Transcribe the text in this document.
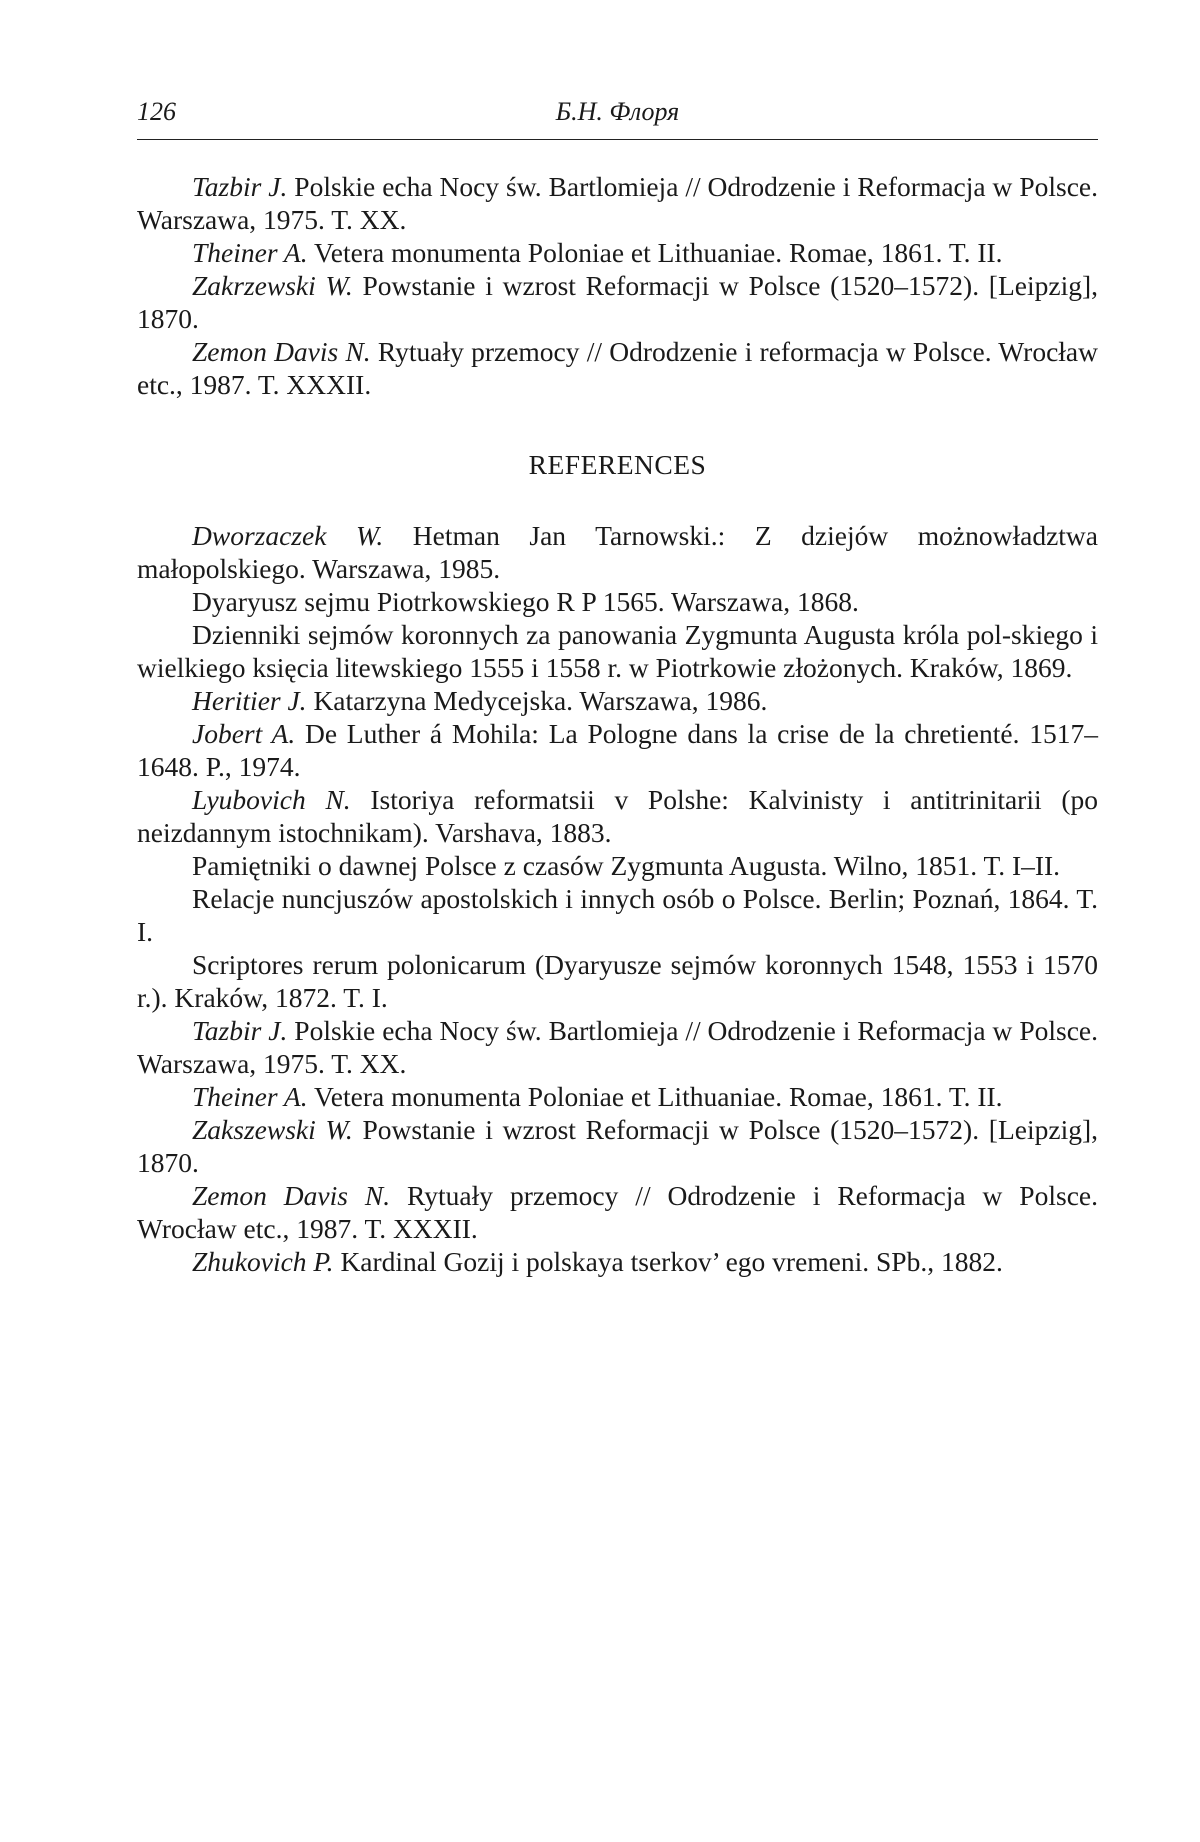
126	Б.Н. Флоря

Tazbir J. Polskie echa Nocy św. Bartlomieja // Odrodzenie i Reformacja w Polsce. Warszawa, 1975. T. XX.

Theiner A. Vetera monumenta Poloniae et Lithuaniae. Romae, 1861. T. II.

Zakrzewski W. Powstanie i wzrost Reformacji w Polsce (1520–1572). [Leipzig], 1870.

Zemon Davis N. Rytuały przemocy // Odrodzenie i reformacja w Polsce. Wrocław etc., 1987. T. XXXII.

REFERENCES

Dworzaczek W. Hetman Jan Tarnowski.: Z dziejów możnowładztwa małopolskiego. Warszawa, 1985.

Dyaryusz sejmu Piotrkowskiego R P 1565. Warszawa, 1868.

Dzienniki sejmów koronnych za panowania Zygmunta Augusta króla pol-skiego i wielkiego księcia litewskiego 1555 i 1558 r. w Piotrkowie złożonych. Kraków, 1869.

Heritier J. Katarzyna Medycejska. Warszawa, 1986.

Jobert A. De Luther á Mohila: La Pologne dans la crise de la chretienté. 1517–1648. P., 1974.

Lyubovich N. Istoriya reformatsii v Polshe: Kalvinisty i antitrinitarii (po neizdannym istochnikam). Varshava, 1883.

Pamiętniki o dawnej Polsce z czasów Zygmunta Augusta. Wilno, 1851. T. I–II.

Relacje nuncjuszów apostolskich i innych osób o Polsce. Berlin; Poznań, 1864. T. I.

Scriptores rerum polonicarum (Dyaryusze sejmów koronnych 1548, 1553 i 1570 r.). Kraków, 1872. T. I.

Tazbir J. Polskie echa Nocy św. Bartlomieja // Odrodzenie i Reformacja w Polsce. Warszawa, 1975. T. XX.

Theiner A. Vetera monumenta Poloniae et Lithuaniae. Romae, 1861. T. II.

Zakszewski W. Powstanie i wzrost Reformacji w Polsce (1520–1572). [Leipzig], 1870.

Zemon Davis N. Rytuały przemocy // Odrodzenie i Reformacja w Polsce. Wrocław etc., 1987. T. XXXII.

Zhukovich P. Kardinal Gozij i polskaya tserkov’ ego vremeni. SPb., 1882.
